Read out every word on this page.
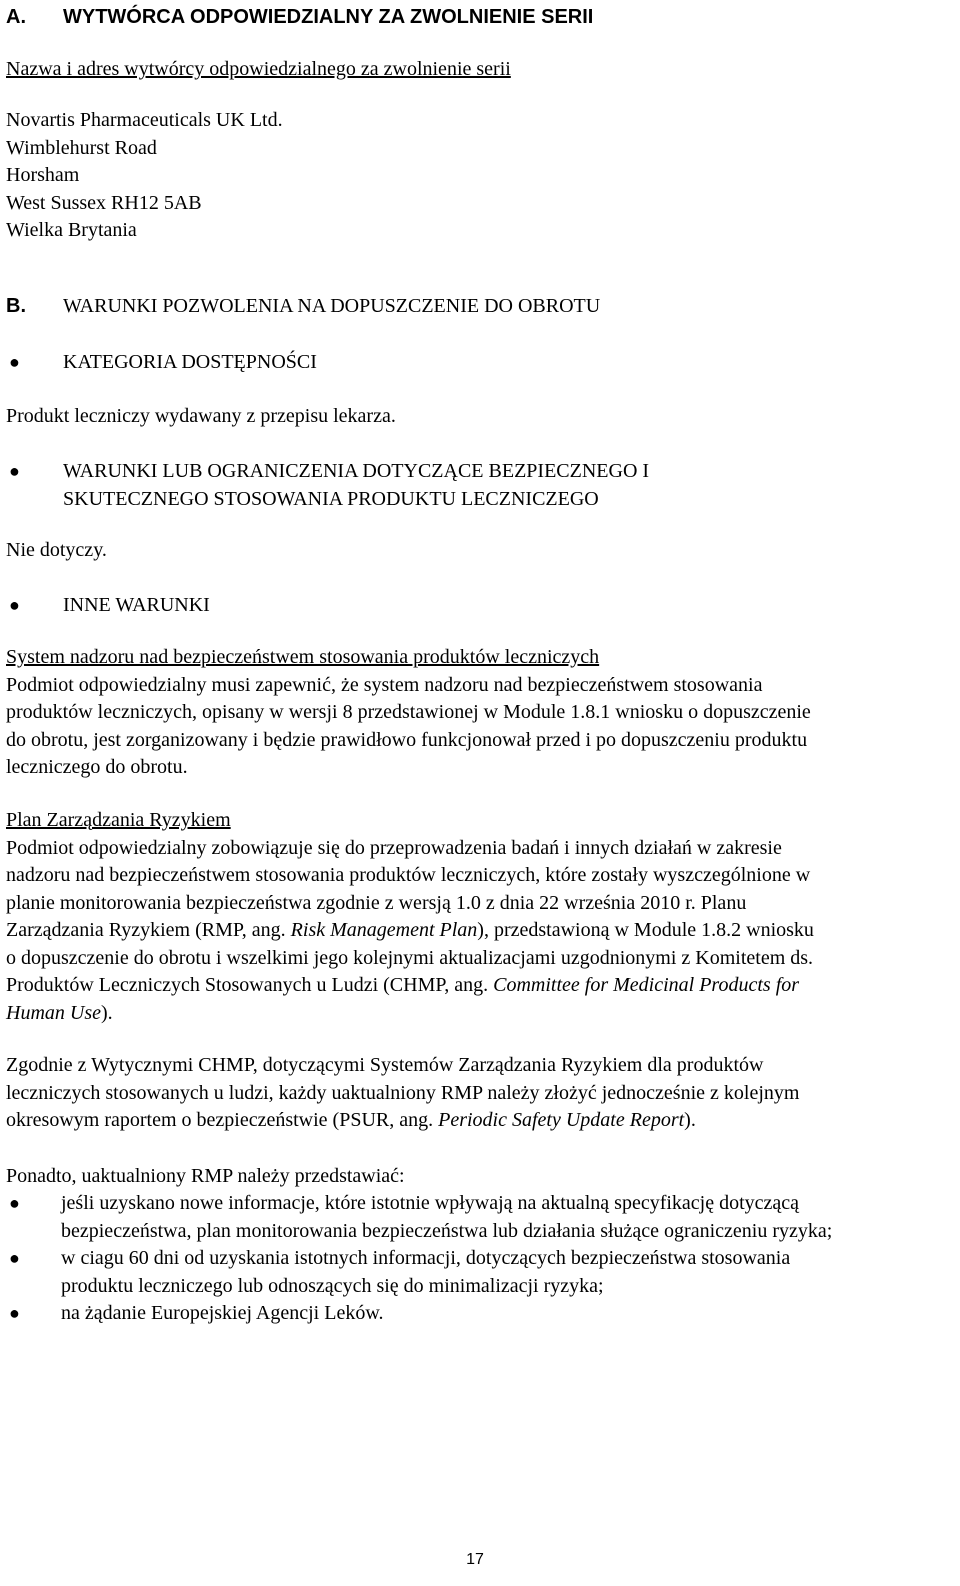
A. WYTWÓRCA ODPOWIEDZIALNY ZA ZWOLNIENIE SERII
Nazwa i adres wytwórcy odpowiedzialnego za zwolnienie serii
Novartis Pharmaceuticals UK Ltd.
Wimblehurst Road
Horsham
West Sussex RH12 5AB
Wielka Brytania
B. WARUNKI POZWOLENIA NA DOPUSZCZENIE DO OBROTU
● KATEGORIA DOSTĘPNOŚCI
Produkt leczniczy wydawany z przepisu lekarza.
● WARUNKI LUB OGRANICZENIA DOTYCZĄCE BEZPIECZNEGO I
SKUTECZNEGO STOSOWANIA PRODUKTU LECZNICZEGO
Nie dotyczy.
● INNE WARUNKI
System nadzoru nad bezpieczeństwem stosowania produktów leczniczych
Podmiot odpowiedzialny musi zapewnić, że system nadzoru nad bezpieczeństwem stosowania
produktów leczniczych, opisany w wersji 8 przedstawionej w Module 1.8.1 wniosku o dopuszczenie
do obrotu, jest zorganizowany i będzie prawidłowo funkcjonował przed i po dopuszczeniu produktu
leczniczego do obrotu.
Plan Zarządzania Ryzykiem
Podmiot odpowiedzialny zobowiązuje się do przeprowadzenia badań i innych działań w zakresie
nadzoru nad bezpieczeństwem stosowania produktów leczniczych, które zostały wyszczególnione w
planie monitorowania bezpieczeństwa zgodnie z wersją 1.0 z dnia 22 września 2010 r. Planu
Zarządzania Ryzykiem (RMP, ang. Risk Management Plan), przedstawioną w Module 1.8.2 wniosku
o dopuszczenie do obrotu i wszelkimi jego kolejnymi aktualizacjami uzgodnionymi z Komitetem ds.
Produktów Leczniczych Stosowanych u Ludzi (CHMP, ang. Committee for Medicinal Products for
Human Use).
Zgodnie z Wytycznymi CHMP, dotyczącymi Systemów Zarządzania Ryzykiem dla produktów
leczniczych stosowanych u ludzi, każdy uaktualniony RMP należy złożyć jednocześnie z kolejnym
okresowym raportem o bezpieczeństwie (PSUR, ang. Periodic Safety Update Report).
Ponadto, uaktualniony RMP należy przedstawiać:
● jeśli uzyskano nowe informacje, które istotnie wpływają na aktualną specyfikację dotyczącą
bezpieczeństwa, plan monitorowania bezpieczeństwa lub działania służące ograniczeniu ryzyka;
● w ciagu 60 dni od uzyskania istotnych informacji, dotyczących bezpieczeństwa stosowania
produktu leczniczego lub odnoszących się do minimalizacji ryzyka;
● na żądanie Europejskiej Agencji Leków.
17
